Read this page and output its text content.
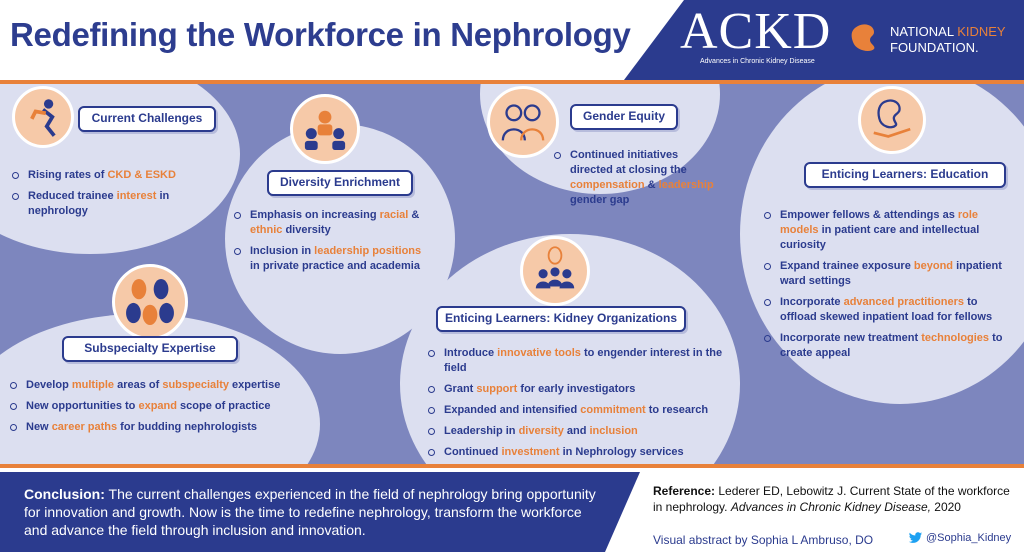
Redefining the Workforce in Nephrology ACKD
Advances in Chronic Kidney Disease
NATIONAL KIDNEY
FOUNDATION.
Current Challenges
Diversity Enrichment
Gender Equity
Subspecialty Expertise
Enticing Learners: Kidney Organizations
Enticing Learners: Education
Rising rates of CKD & ESKD
Reduced trainee interest in nephrology	Emphasis on increasing racial & ethnic diversity
Inclusion in leadership positions in private practice and academia
Continued initiatives directed at closing the compensation & leadership gender gap
Develop multiple areas of subspecialty expertise
New opportunities to expand scope of practice
New career paths for budding nephrologists
Introduce innovative tools to engender interest in the field
Grant support for early investigators
Expanded and intensified commitment to research
Leadership in diversity and inclusion
Continued investment in Nephrology services
Empower fellows & attendings as role models in patient care and intellectual curiosity
Expand trainee exposure beyond inpatient ward settings
Incorporate advanced practitioners to offload skewed inpatient load for fellows
Incorporate new treatment technologies to create appeal
Conclusion: The current challenges experienced in the field of nephrology bring opportunity for innovation and growth. Now is the time to redefine nephrology, transform the workforce and advance the field through inclusion and innovation.
Reference: Lederer ED, Lebowitz J. Current State of the workforce in nephrology. Advances in Chronic Kidney Disease, 2020
Visual abstract by Sophia L Ambruso, DO	@Sophia_Kidney
